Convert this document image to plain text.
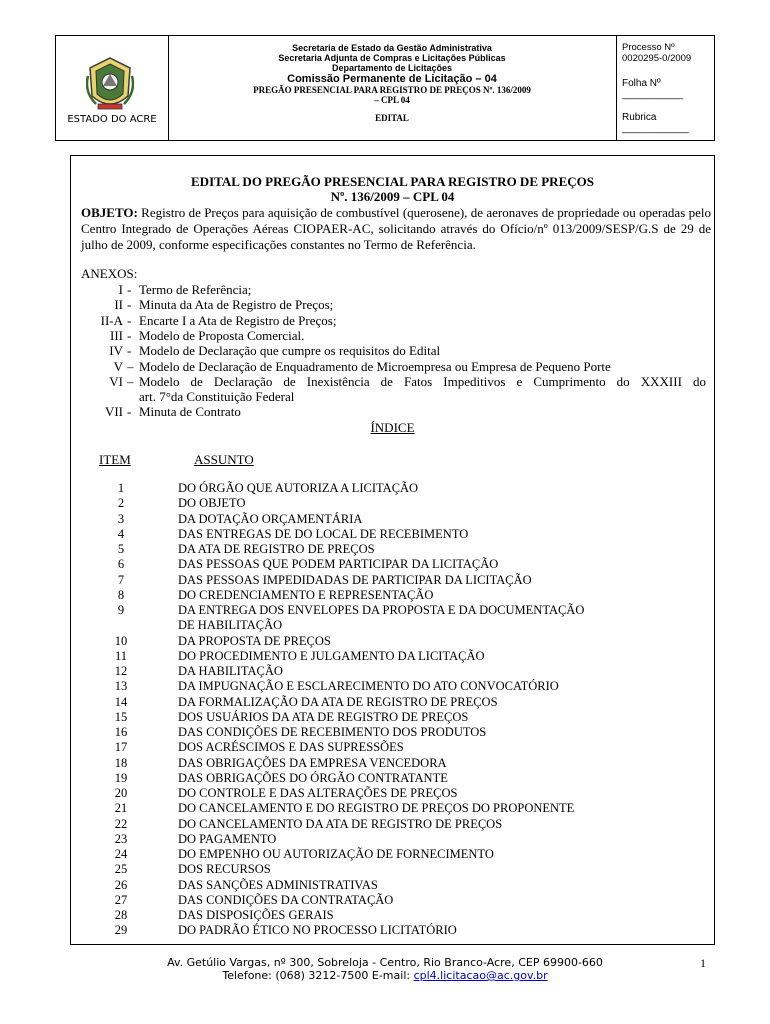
ESTADO DO ACRE
Secretaria de Estado da Gestão Administrativa
Secretaria Adjunta de Compras e Licitações Públicas
Departamento de Licitações
Comissão Permanente de Licitação – 04
PREGÃO PRESENCIAL PARA REGISTRO DE PREÇOS Nº. 136/2009
– CPL 04
EDITAL
Processo Nº 0020295-0/2009
Folha Nº ___________
Rubrica ____________
EDITAL DO PREGÃO PRESENCIAL PARA REGISTRO DE PREÇOS
Nº. 136/2009 – CPL 04
OBJETO: Registro de Preços para aquisição de combustível (querosene), de aeronaves de propriedade ou operadas pelo Centro Integrado de Operações Aéreas CIOPAER-AC, solicitando através do Ofício/nº 013/2009/SESP/G.S de 29 de julho de 2009, conforme especificações constantes no Termo de Referência.
ANEXOS:
I - Termo de Referência;
II - Minuta da Ata de Registro de Preços;
II-A - Encarte I a Ata de Registro de Preços;
III - Modelo de Proposta Comercial.
IV - Modelo de Declaração que cumpre os requisitos do Edital
V – Modelo de Declaração de Enquadramento de Microempresa ou Empresa de Pequeno Porte
VI – Modelo de Declaração de Inexistência de Fatos Impeditivos e Cumprimento do XXXIII do
art. 7°da Constituição Federal
VII - Minuta de Contrato
ÍNDICE
ITEM	ASSUNTO
1	DO ÓRGÃO QUE AUTORIZA A LICITAÇÃO
2	DO OBJETO
3	DA DOTAÇÃO ORÇAMENTÁRIA
4	DAS ENTREGAS DE DO LOCAL DE RECEBIMENTO
5	DA ATA DE REGISTRO DE PREÇOS
6	DAS PESSOAS QUE PODEM PARTICIPAR DA LICITAÇÃO
7	DAS PESSOAS IMPEDIDADAS DE PARTICIPAR DA LICITAÇÃO
8	DO CREDENCIAMENTO E REPRESENTAÇÃO
9	DA ENTREGA DOS ENVELOPES DA PROPOSTA E DA DOCUMENTAÇÃO
DE HABILITAÇÃO
10	DA PROPOSTA DE PREÇOS
11	DO PROCEDIMENTO E JULGAMENTO DA LICITAÇÃO
12	DA HABILITAÇÃO
13	DA IMPUGNAÇÃO E ESCLARECIMENTO DO ATO CONVOCATÓRIO
14	DA FORMALIZAÇÃO DA ATA DE REGISTRO DE PREÇOS
15	DOS USUÁRIOS DA ATA DE REGISTRO DE PREÇOS
16	DAS CONDIÇÕES DE RECEBIMENTO DOS PRODUTOS
17	DOS ACRÉSCIMOS E DAS SUPRESSÕES
18	DAS OBRIGAÇÕES DA EMPRESA VENCEDORA
19	DAS OBRIGAÇÕES DO ÓRGÃO CONTRATANTE
20	DO CONTROLE E DAS ALTERAÇÕES DE PREÇOS
21	DO CANCELAMENTO E DO REGISTRO DE PREÇOS DO PROPONENTE
22	DO CANCELAMENTO DA ATA DE REGISTRO DE PREÇOS
23	DO PAGAMENTO
24	DO EMPENHO OU AUTORIZAÇÃO DE FORNECIMENTO
25	DOS RECURSOS
26	DAS SANÇÕES ADMINISTRATIVAS
27	DAS CONDIÇÕES DA CONTRATAÇÃO
28	DAS DISPOSIÇÕES GERAIS
29	DO PADRÃO ÉTICO NO PROCESSO LICITATÓRIO
Av. Getúlio Vargas, nº 300, Sobreloja - Centro, Rio Branco-Acre, CEP 69900-660
Telefone: (068) 3212-7500 E-mail: cpl4.licitacao@ac.gov.br
1
